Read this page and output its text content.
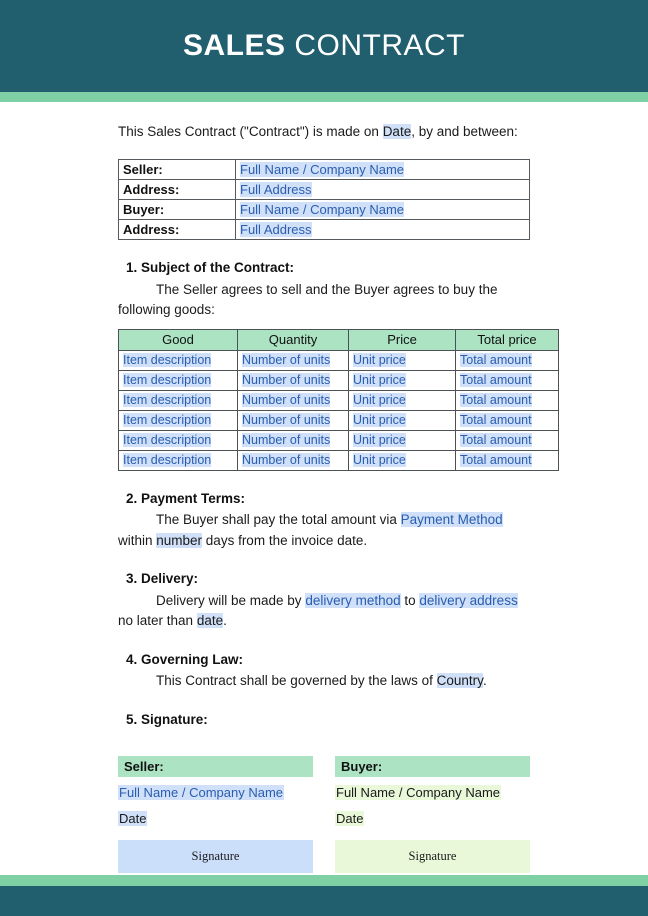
SALES CONTRACT

This Sales Contract ("Contract") is made on Date, by and between:

Seller:	Full Name / Company Name
Address:	Full Address
Buyer:	Full Name / Company Name
Address:	Full Address
1. Subject of the Contract:
The Seller agrees to sell and the Buyer agrees to buy the following goods:
Good	Quantity	Price	Total price
Item description	Number of units	Unit price	Total amount
Item description	Number of units	Unit price	Total amount
Item description	Number of units	Unit price	Total amount
Item description	Number of units	Unit price	Total amount
Item description	Number of units	Unit price	Total amount
Item description	Number of units	Unit price	Total amount
2. Payment Terms:
The Buyer shall pay the total amount via Payment Method within number days from the invoice date.
3. Delivery:
Delivery will be made by delivery method to delivery address no later than date.
4. Governing Law:
This Contract shall be governed by the laws of Country.
5. Signature:
Seller:
Full Name / Company Name
Date
Signature
Buyer:
Full Name / Company Name
Date
Signature
